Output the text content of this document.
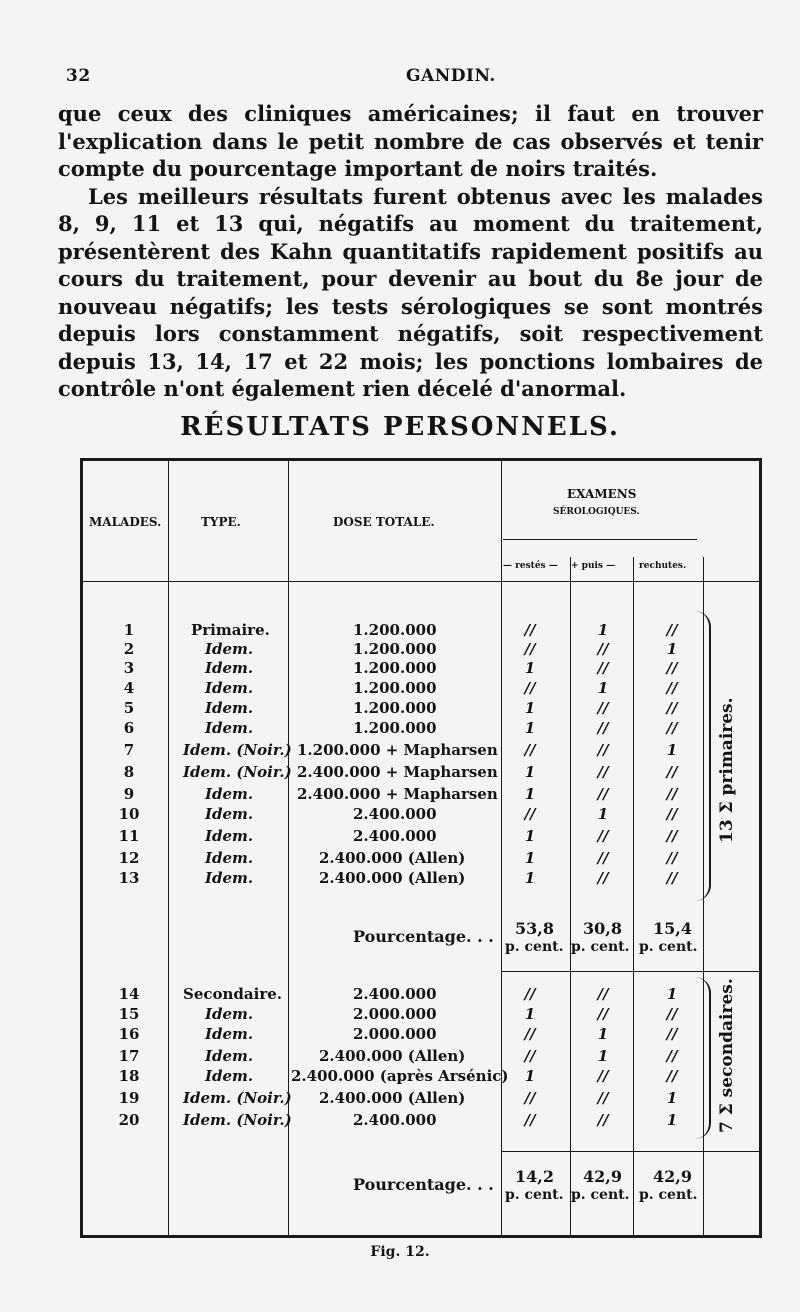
32	GANDIN.

que ceux des cliniques américaines; il faut en trouver l'explication dans le petit nombre de cas observés et tenir compte du pourcentage important de noirs traités.

Les meilleurs résultats furent obtenus avec les malades 8, 9, 11 et 13 qui, négatifs au moment du traitement, présentèrent des Kahn quantitatifs rapidement positifs au cours du traitement, pour devenir au bout du 8e jour de nouveau négatifs; les tests sérologiques se sont montrés depuis lors constamment négatifs, soit respectivement depuis 13, 14, 17 et 22 mois; les ponctions lombaires de contrôle n'ont également rien décelé d'anormal.

RÉSULTATS PERSONNELS.
MALADES.	TYPE.	DOSE TOTALE.
EXAMENS
SÉROLOGIQUES.
— restés — + puis —	rechutes.
1	Primaire.	1.200.000	//	1	//
2	Idem.	1.200.000	//	//	1
3	Idem.	1.200.000	1	//	//
4	Idem.	1.200.000	//	1	//
5	Idem.	1.200.000	1	//	//
6	Idem.	1.200.000	1	//	//
7	Idem. (Noir.) 1.200.000 + Mapharsen	//	//	1
8	Idem. (Noir.) 2.400.000 + Mapharsen	1	//	//
9	Idem.	2.400.000 + Mapharsen	1	//	//
10	Idem.	2.400.000	//	1	//
11	Idem.	2.400.000	1	//	//
12	Idem.	2.400.000 (Allen)	1	//	//
13	Idem.	2.400.000 (Allen)	1	//	//
13 Σ primaires.
Pourcentage. . . 53,8 30,8 15,4
p. cent. p. cent. p. cent.
14	Secondaire.	2.400.000	//	//	1
15	Idem.	2.000.000	1	//	//
16	Idem.	2.000.000	//	1	//
17	Idem.	2.400.000 (Allen)	//	1	//
18	Idem.	2.400.000 (après Arsénic)	1	//	//
19	Idem. (Noir.) 2.400.000 (Allen)	//	//	1
20	Idem. (Noir.)	2.400.000	//	//	1	7 Σ secondaires.
Pourcentage. . . 14,2 42,9 42,9
p. cent. p. cent. p. cent.
Fig. 12.
